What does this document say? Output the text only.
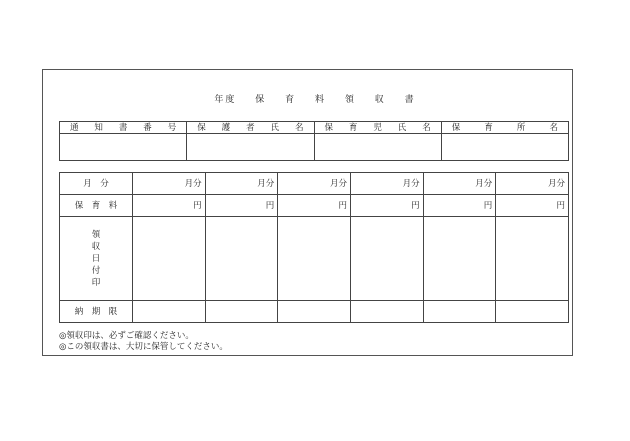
年度 保 育 料 領 収 書
通 知 書 番 号	保 護 者 氏 名	保 育 児 氏 名	保 育 所 名

月　分	月分	月分	月分	月分	月分	月分
保　育　料	円	円	円	円	円	円

領
収
日
付
印						

納　期　限						
◎領収印は、必ずご確認ください。
◎この領収書は、大切に保管してください。
